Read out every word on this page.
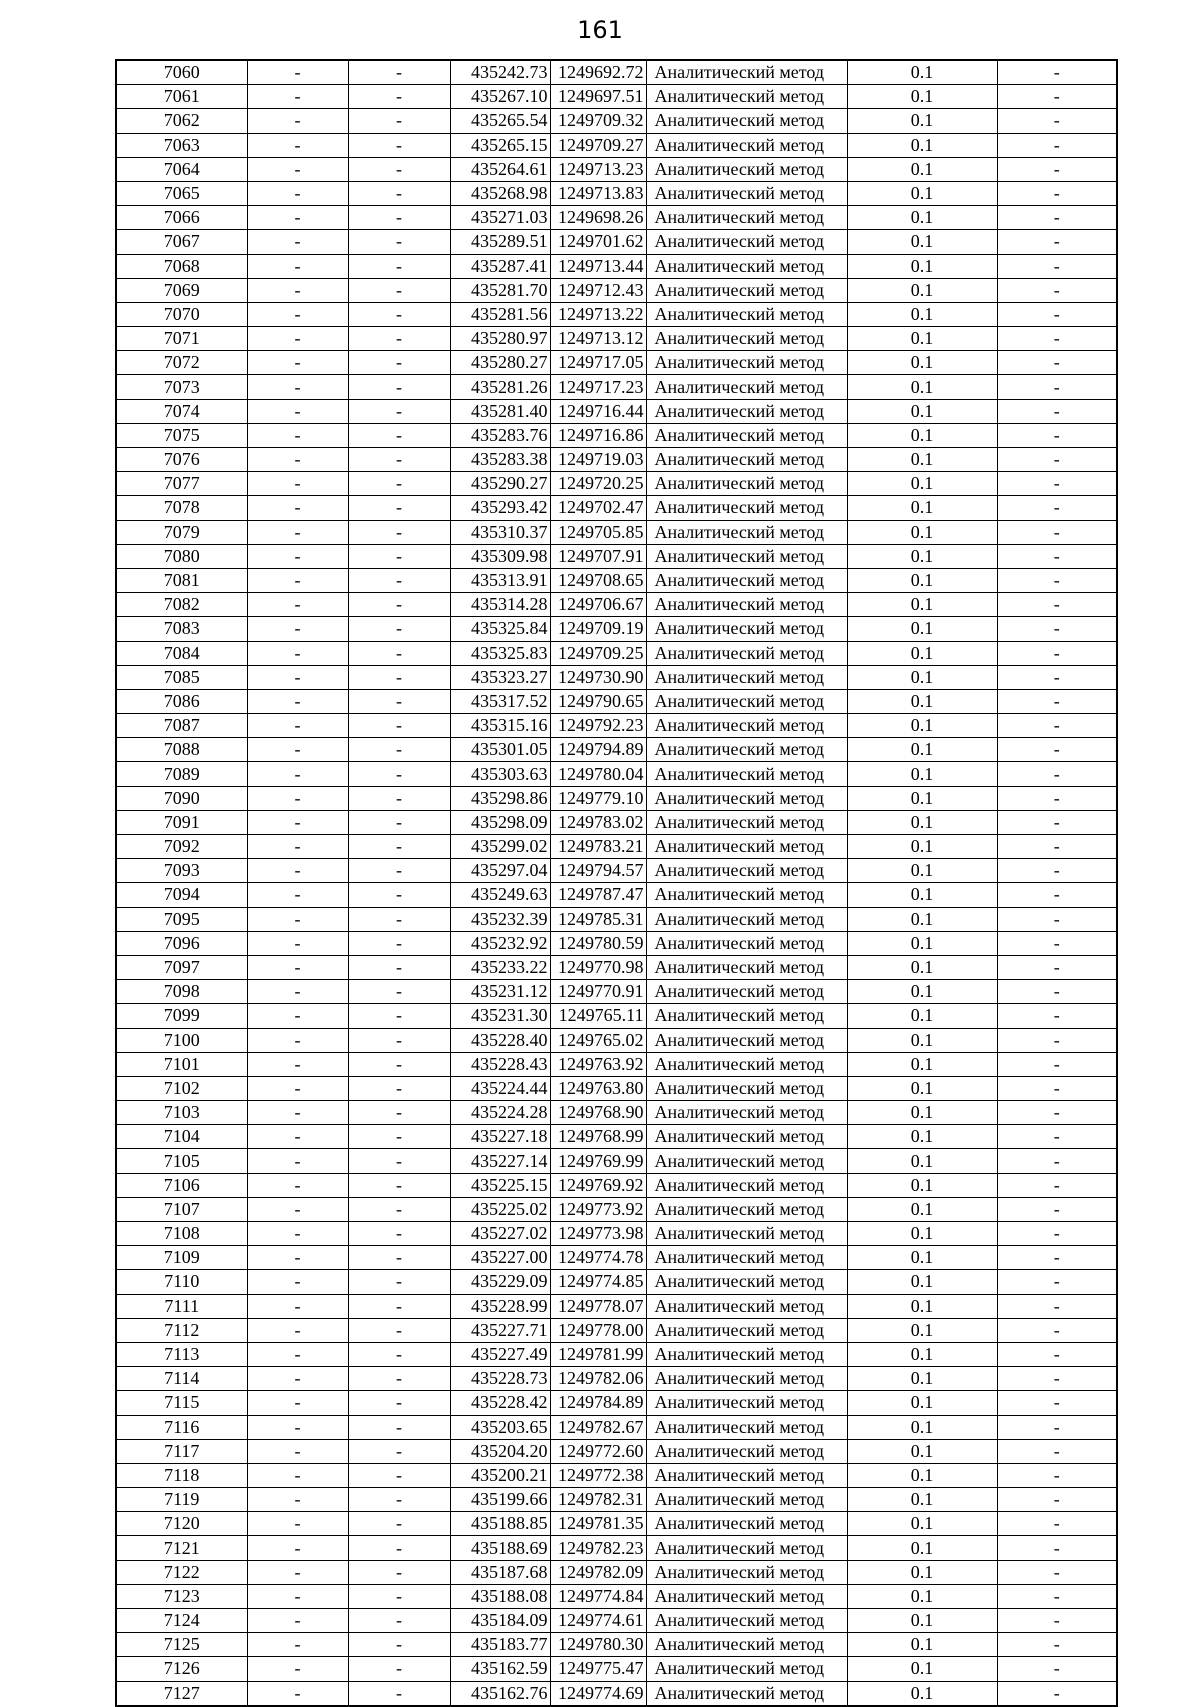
161
7060	-	-	435242.73	1249692.72	Аналитический метод	0.1	-
7061	-	-	435267.10	1249697.51	Аналитический метод	0.1	-
7062	-	-	435265.54	1249709.32	Аналитический метод	0.1	-
7063	-	-	435265.15	1249709.27	Аналитический метод	0.1	-
7064	-	-	435264.61	1249713.23	Аналитический метод	0.1	-
7065	-	-	435268.98	1249713.83	Аналитический метод	0.1	-
7066	-	-	435271.03	1249698.26	Аналитический метод	0.1	-
7067	-	-	435289.51	1249701.62	Аналитический метод	0.1	-
7068	-	-	435287.41	1249713.44	Аналитический метод	0.1	-
7069	-	-	435281.70	1249712.43	Аналитический метод	0.1	-
7070	-	-	435281.56	1249713.22	Аналитический метод	0.1	-
7071	-	-	435280.97	1249713.12	Аналитический метод	0.1	-
7072	-	-	435280.27	1249717.05	Аналитический метод	0.1	-
7073	-	-	435281.26	1249717.23	Аналитический метод	0.1	-
7074	-	-	435281.40	1249716.44	Аналитический метод	0.1	-
7075	-	-	435283.76	1249716.86	Аналитический метод	0.1	-
7076	-	-	435283.38	1249719.03	Аналитический метод	0.1	-
7077	-	-	435290.27	1249720.25	Аналитический метод	0.1	-
7078	-	-	435293.42	1249702.47	Аналитический метод	0.1	-
7079	-	-	435310.37	1249705.85	Аналитический метод	0.1	-
7080	-	-	435309.98	1249707.91	Аналитический метод	0.1	-
7081	-	-	435313.91	1249708.65	Аналитический метод	0.1	-
7082	-	-	435314.28	1249706.67	Аналитический метод	0.1	-
7083	-	-	435325.84	1249709.19	Аналитический метод	0.1	-
7084	-	-	435325.83	1249709.25	Аналитический метод	0.1	-
7085	-	-	435323.27	1249730.90	Аналитический метод	0.1	-
7086	-	-	435317.52	1249790.65	Аналитический метод	0.1	-
7087	-	-	435315.16	1249792.23	Аналитический метод	0.1	-
7088	-	-	435301.05	1249794.89	Аналитический метод	0.1	-
7089	-	-	435303.63	1249780.04	Аналитический метод	0.1	-
7090	-	-	435298.86	1249779.10	Аналитический метод	0.1	-
7091	-	-	435298.09	1249783.02	Аналитический метод	0.1	-
7092	-	-	435299.02	1249783.21	Аналитический метод	0.1	-
7093	-	-	435297.04	1249794.57	Аналитический метод	0.1	-
7094	-	-	435249.63	1249787.47	Аналитический метод	0.1	-
7095	-	-	435232.39	1249785.31	Аналитический метод	0.1	-
7096	-	-	435232.92	1249780.59	Аналитический метод	0.1	-
7097	-	-	435233.22	1249770.98	Аналитический метод	0.1	-
7098	-	-	435231.12	1249770.91	Аналитический метод	0.1	-
7099	-	-	435231.30	1249765.11	Аналитический метод	0.1	-
7100	-	-	435228.40	1249765.02	Аналитический метод	0.1	-
7101	-	-	435228.43	1249763.92	Аналитический метод	0.1	-
7102	-	-	435224.44	1249763.80	Аналитический метод	0.1	-
7103	-	-	435224.28	1249768.90	Аналитический метод	0.1	-
7104	-	-	435227.18	1249768.99	Аналитический метод	0.1	-
7105	-	-	435227.14	1249769.99	Аналитический метод	0.1	-
7106	-	-	435225.15	1249769.92	Аналитический метод	0.1	-
7107	-	-	435225.02	1249773.92	Аналитический метод	0.1	-
7108	-	-	435227.02	1249773.98	Аналитический метод	0.1	-
7109	-	-	435227.00	1249774.78	Аналитический метод	0.1	-
7110	-	-	435229.09	1249774.85	Аналитический метод	0.1	-
7111	-	-	435228.99	1249778.07	Аналитический метод	0.1	-
7112	-	-	435227.71	1249778.00	Аналитический метод	0.1	-
7113	-	-	435227.49	1249781.99	Аналитический метод	0.1	-
7114	-	-	435228.73	1249782.06	Аналитический метод	0.1	-
7115	-	-	435228.42	1249784.89	Аналитический метод	0.1	-
7116	-	-	435203.65	1249782.67	Аналитический метод	0.1	-
7117	-	-	435204.20	1249772.60	Аналитический метод	0.1	-
7118	-	-	435200.21	1249772.38	Аналитический метод	0.1	-
7119	-	-	435199.66	1249782.31	Аналитический метод	0.1	-
7120	-	-	435188.85	1249781.35	Аналитический метод	0.1	-
7121	-	-	435188.69	1249782.23	Аналитический метод	0.1	-
7122	-	-	435187.68	1249782.09	Аналитический метод	0.1	-
7123	-	-	435188.08	1249774.84	Аналитический метод	0.1	-
7124	-	-	435184.09	1249774.61	Аналитический метод	0.1	-
7125	-	-	435183.77	1249780.30	Аналитический метод	0.1	-
7126	-	-	435162.59	1249775.47	Аналитический метод	0.1	-
7127	-	-	435162.76	1249774.69	Аналитический метод	0.1	-
